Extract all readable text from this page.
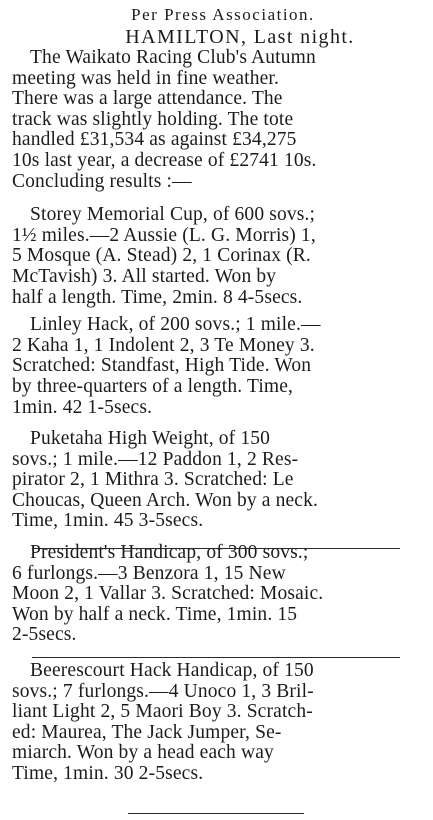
Per Press Association.
HAMILTON, Last night.
The Waikato Racing Club's Autumn
meeting was held in fine weather.
There was a large attendance. The
track was slightly holding. The tote
handled £31,534 as against £34,275
10s last year, a decrease of £2741 10s.
Concluding results :—
Storey Memorial Cup, of 600 sovs.;
1½ miles.—2 Aussie (L. G. Morris) 1,
5 Mosque (A. Stead) 2, 1 Corinax (R.
McTavish) 3. All started. Won by
half a length. Time, 2min. 8 4-5secs.
Linley Hack, of 200 sovs.; 1 mile.—
2 Kaha 1, 1 Indolent 2, 3 Te Money 3.
Scratched: Standfast, High Tide. Won
by three-quarters of a length. Time,
1min. 42 1-5secs.
Puketaha High Weight, of 150
sovs.; 1 mile.—12 Paddon 1, 2 Res-
pirator 2, 1 Mithra 3. Scratched: Le
Choucas, Queen Arch. Won by a neck.
Time, 1min. 45 3-5secs.
President's Handicap, of 300 sovs.;
6 furlongs.—3 Benzora 1, 15 New
Moon 2, 1 Vallar 3. Scratched: Mosaic.
Won by half a neck. Time, 1min. 15
2-5secs.
Beerescourt Hack Handicap, of 150
sovs.; 7 furlongs.—4 Unoco 1, 3 Bril-
liant Light 2, 5 Maori Boy 3. Scratch-
ed: Maurea, The Jack Jumper, Se-
miarch. Won by a head each way
Time, 1min. 30 2-5secs.
